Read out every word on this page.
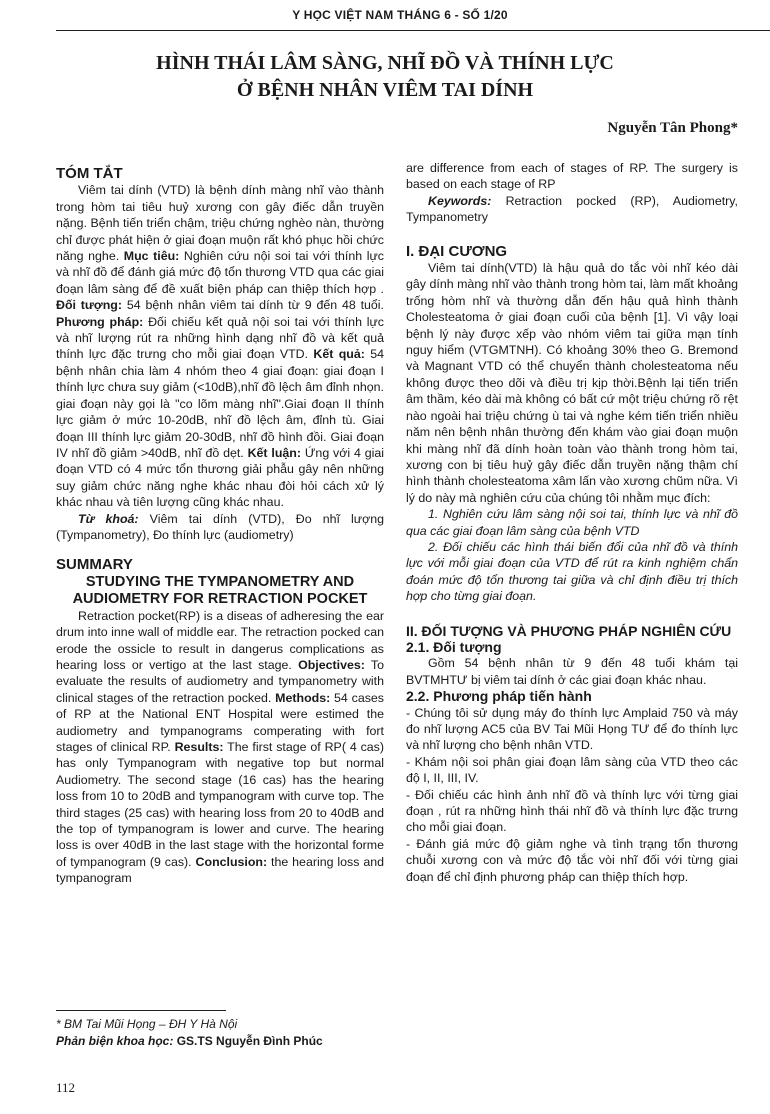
Y HỌC VIỆT NAM THÁNG 6 - SỐ 1/20
HÌNH THÁI LÂM SÀNG, NHĨ ĐỒ VÀ THÍNH LỰC
Ở BỆNH NHÂN VIÊM TAI DÍNH
Nguyễn Tân Phong*

TÓM TẮT

Viêm tai dính (VTD) là bệnh dính màng nhĩ vào thành trong hòm tai tiêu huỷ xương con gây điếc dẫn truyền nặng. Bệnh tiến triển chậm, triệu chứng nghèo nàn, thường chỉ được phát hiện ở giai đoạn muộn rất khó phục hồi chức năng nghe. Mục tiêu: Nghiên cứu nội soi tai với thính lực và nhĩ đồ để đánh giá mức độ tổn thương VTD qua các giai đoạn lâm sàng để đề xuất biện pháp can thiệp thích hợp . Đối tượng: 54 bệnh nhân viêm tai dính từ 9 đến 48 tuổi. Phương pháp: Đối chiếu kết quả nội soi tai với thính lực và nhĩ lượng rút ra những hình dạng nhĩ đồ và kết quả thính lực đặc trưng cho mỗi giai đoạn VTD. Kết quả: 54 bệnh nhân chia làm 4 nhóm theo 4 giai đoạn: giai đoạn I thính lực chưa suy giảm (<10dB),nhĩ đồ lệch âm đỉnh nhọn. giai đoạn này gọi là "co lõm màng nhĩ".Giai đoạn II thính lực giảm ở mức 10-20dB, nhĩ đồ lệch âm, đỉnh tù. Giai đoạn III thính lực giảm 20-30dB, nhĩ đồ hình đồi. Giai đoạn IV nhĩ đồ giảm >40dB, nhĩ đồ dẹt. Kết luận: Ứng với 4 giai đoạn VTD có 4 mức tổn thương giải phẫu gây nên những suy giảm chức năng nghe khác nhau đòi hỏi cách xử lý khác nhau và tiên lượng cũng khác nhau.

Từ khoá: Viêm tai dính (VTD), Đo nhĩ lượng (Tympanometry), Đo thính lực (audiometry)

SUMMARY

STUDYING THE TYMPANOMETRY AND
AUDIOMETRY FOR RETRACTION POCKET

Retraction pocket(RP) is a diseas of adheresing the ear drum into inne wall of middle ear. The retraction pocked can erode the ossicle to result in dangerus complications as hearing loss or vertigo at the last stage. Objectives: To evaluate the results of audiometry and tympanometry with clinical stages of the retraction pocked. Methods: 54 cases of RP at the National ENT Hospital were estimed the audiometry and tympanograms comperating with fort stages of clinical RP. Results: The first stage of RP( 4 cas) has only Tympanogram with negative top but normal Audiometry. The second stage (16 cas) has the hearing loss from 10 to 20dB and tympanogram with curve top. The third stages (25 cas) with hearing loss from 20 to 40dB and the top of tympanogram is lower and curve. The hearing loss is over 40dB in the last stage with the horizontal forme of tympanogram (9 cas). Conclusion: the hearing loss and tympanogram

* BM Tai Mũi Họng – ĐH Y Hà Nội
Phản biện khoa học: GS.TS Nguyễn Đình Phúc
112

are difference from each of stages of RP. The surgery is based on each stage of RP

Keywords: Retraction pocked (RP), Audiometry, Tympanometry

I. ĐẠI CƯƠNG

Viêm tai dính(VTD) là hậu quả do tắc vòi nhĩ kéo dài gây dính màng nhĩ vào thành trong hòm tai, làm mất khoảng trống hòm nhĩ và thường dẫn đến hậu quả hình thành Cholesteatoma ở giai đoạn cuối của bệnh [1]. Vì vậy loại bệnh lý này được xếp vào nhóm viêm tai giữa mạn tính nguy hiểm (VTGMTNH). Có khoảng 30% theo G. Bremond và Magnant VTD có thể chuyển thành cholesteatoma nếu không được theo dõi và điều trị kịp thời.Bệnh lại tiến triển âm thầm, kéo dài mà không có bất cứ một triệu chứng rõ rệt nào ngoài hai triệu chứng ù tai và nghe kém tiến triển nhiều năm nên bệnh nhân thường đến khám vào giai đoạn muộn khi màng nhĩ đã dính hoàn toàn vào thành trong hòm tai, xương con bị tiêu huỷ gây điếc dẫn truyền nặng thậm chí hình thành cholesteatoma xâm lấn vào xương chũm nữa. Vì lý do này mà nghiên cứu của chúng tôi nhằm mục đích:

1. Nghiên cứu lâm sàng nội soi tai, thính lực và nhĩ đồ qua các giai đoạn lâm sàng của bệnh VTD

2. Đối chiếu các hình thái biến đổi của nhĩ đồ và thính lực với mỗi giai đoạn của VTD để rút ra kinh nghiệm chẩn đoán mức độ tổn thương tai giữa và chỉ định điều trị thích hợp cho từng giai đoạn.

II. ĐỐI TƯỢNG VÀ PHƯƠNG PHÁP NGHIÊN CỨU

2.1. Đối tượng

Gồm 54 bệnh nhân từ 9 đến 48 tuổi khám tại BVTMHTƯ bị viêm tai dính ở các giai đoạn khác nhau.

2.2. Phương pháp tiến hành

- Chúng tôi sử dụng máy đo thính lực Amplaid 750 và máy đo nhĩ lượng AC5 của BV Tai Mũi Họng TƯ để đo thính lực và nhĩ lượng cho bệnh nhân VTD.

- Khám nội soi phân giai đoạn lâm sàng của VTD theo các độ I, II, III, IV.

- Đối chiếu các hình ảnh nhĩ đồ và thính lực với từng giai đoạn , rút ra những hình thái nhĩ đồ và thính lực đặc trưng cho mỗi giai đoạn.

- Đánh giá mức độ giảm nghe và tình trạng tổn thương chuỗi xương con và mức độ tắc vòi nhĩ đối với từng giai đoạn để chỉ định phương pháp can thiệp thích hợp.
